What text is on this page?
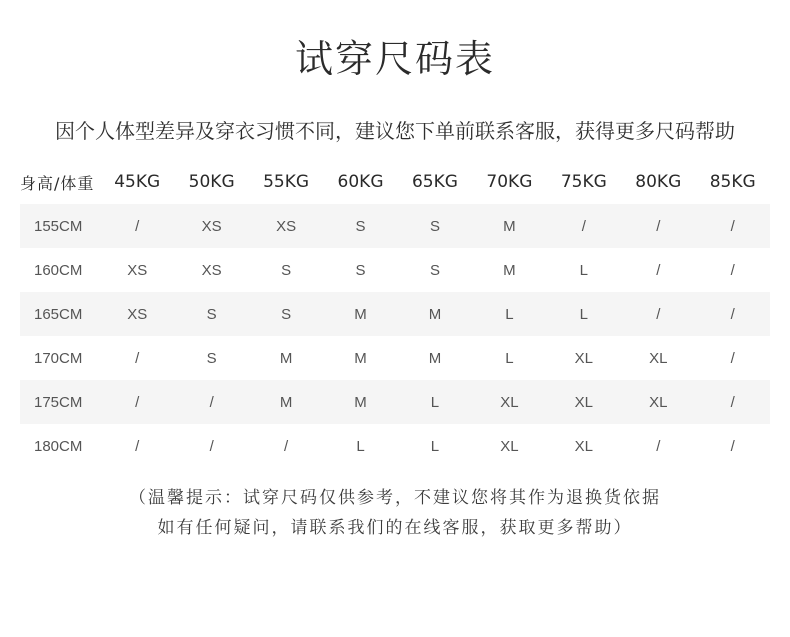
试穿尺码表
因个人体型差异及穿衣习惯不同，建议您下单前联系客服，获得更多尺码帮助
身高/体重	45KG	50KG	55KG	60KG	65KG	70KG	75KG	80KG	85KG
155CM	/	XS	XS	S	S	M	/	/	/
160CM	XS	XS	S	S	S	M	L	/	/
165CM	XS	S	S	M	M	L	L	/	/
170CM	/	S	M	M	M	L	XL	XL	/
175CM	/	/	M	M	L	XL	XL	XL	/
180CM	/	/	/	L	L	XL	XL	/	/
（温馨提示：试穿尺码仅供参考，不建议您将其作为退换货依据
如有任何疑问，请联系我们的在线客服，获取更多帮助）
